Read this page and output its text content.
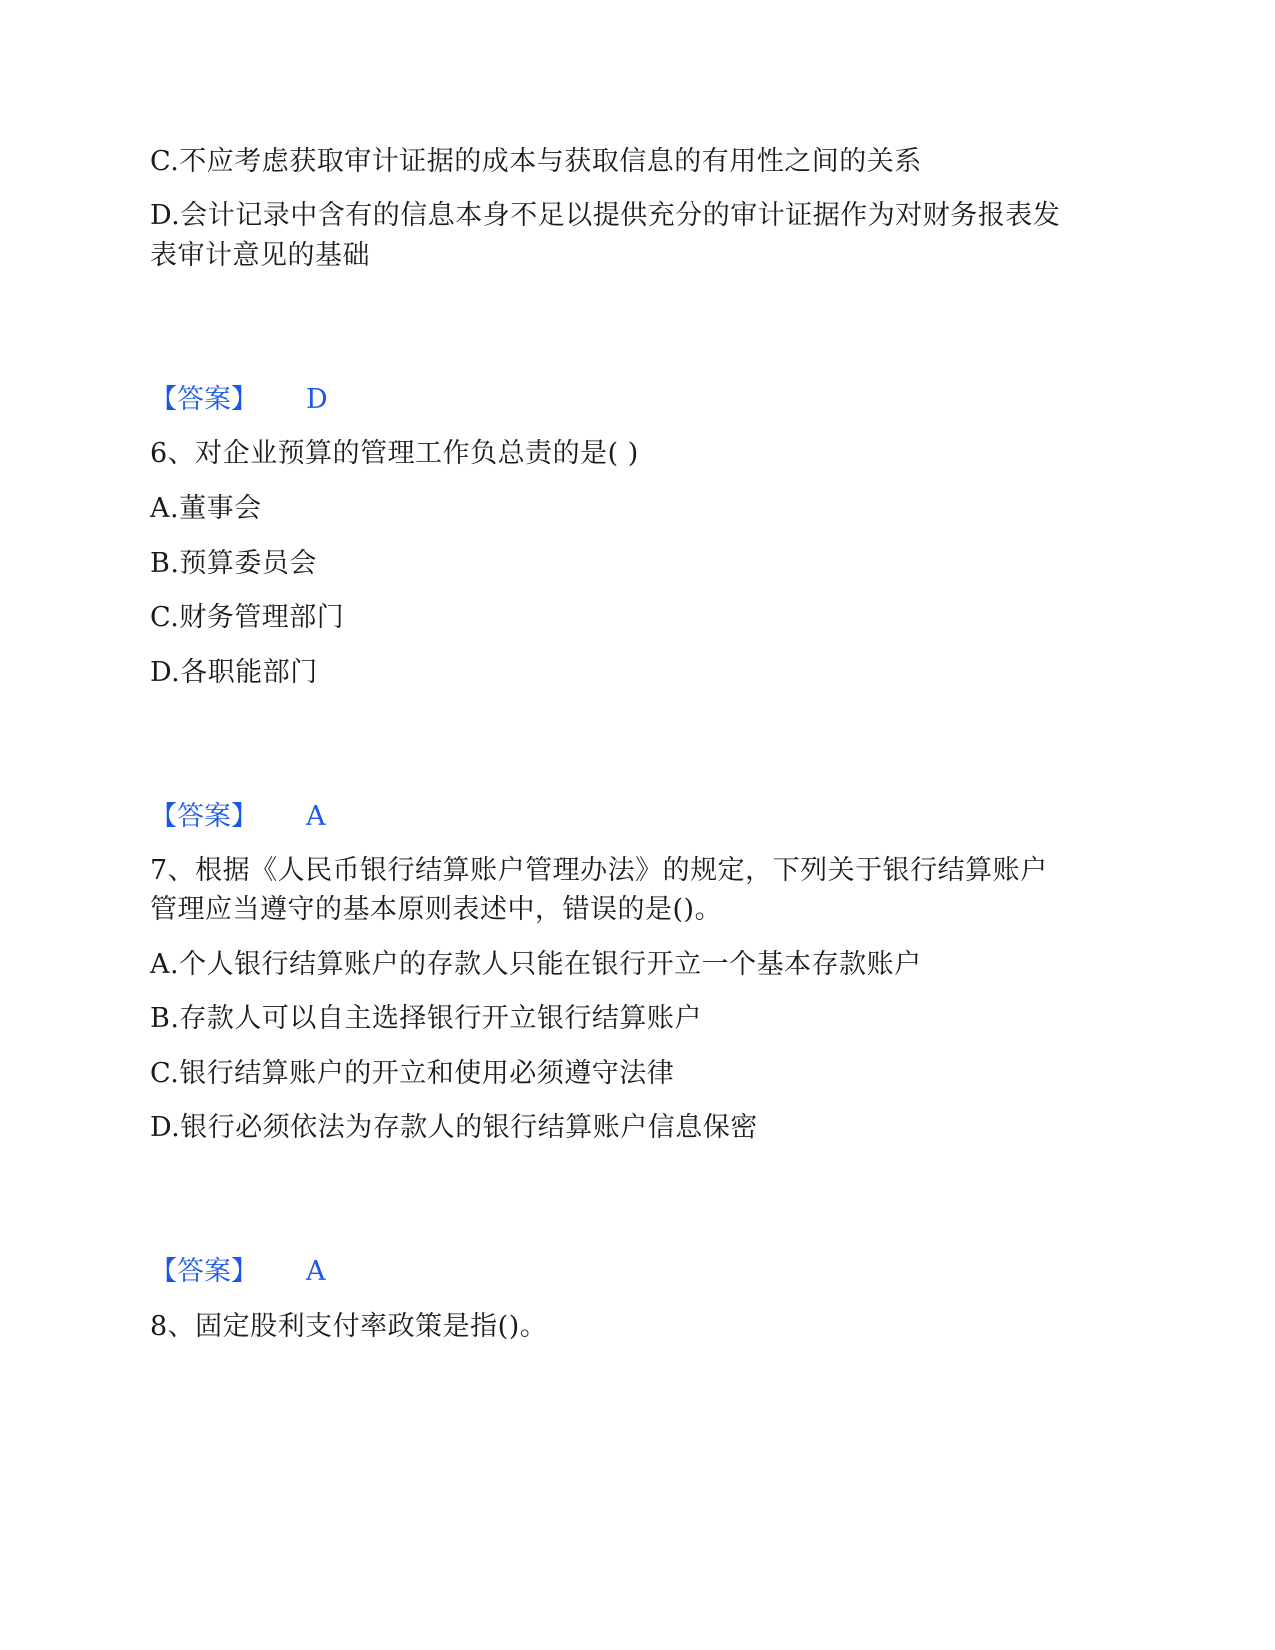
C.不应考虑获取审计证据的成本与获取信息的有用性之间的关系
D.会计记录中含有的信息本身不足以提供充分的审计证据作为对财务报表发
表审计意见的基础
【答案】 D
6、对企业预算的管理工作负总责的是( )
A.董事会
B.预算委员会
C.财务管理部门
D.各职能部门
【答案】 A
7、根据《人民币银行结算账户管理办法》的规定，下列关于银行结算账户
管理应当遵守的基本原则表述中，错误的是()。
A.个人银行结算账户的存款人只能在银行开立一个基本存款账户
B.存款人可以自主选择银行开立银行结算账户
C.银行结算账户的开立和使用必须遵守法律
D.银行必须依法为存款人的银行结算账户信息保密
【答案】 A
8、固定股利支付率政策是指()。
